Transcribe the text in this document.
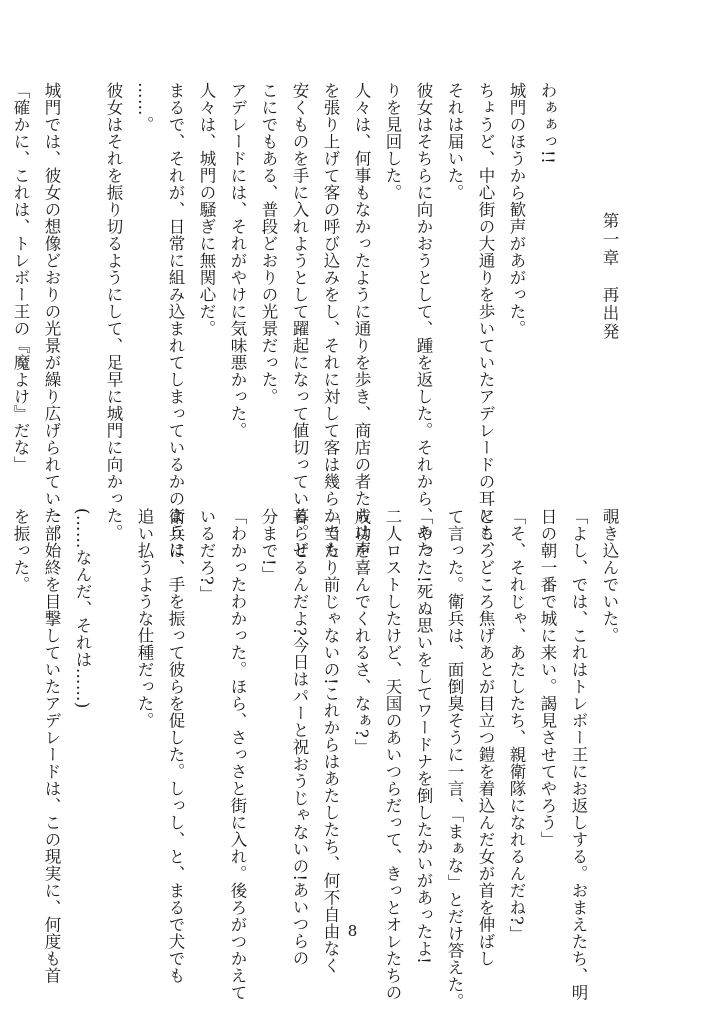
第一章　再出発
わぁぁっ!!
城門のほうから歓声があがった。
ちょうど、中心街の大通りを歩いていたアデレードの耳にも、
それは届いた。
彼女はそちらに向かおうとして、踵を返した。それから、あた
りを見回した。
人々は、何事もなかったように通りを歩き、商店の者たちは声
を張り上げて客の呼び込みをし、それに対して客は幾らかでも
安くものを手に入れようとして躍起になって値切っている。ど
こにでもある、普段どおりの光景だった。
アデレードには、それがやけに気味悪かった。
人々は、城門の騒ぎに無関心だ。
まるで、それが、日常に組み込まれてしまっているかのように
……。
彼女はそれを振り切るようにして、足早に城門に向かった。
城門では、彼女の想像どおりの光景が繰り広げられていた。
「確かに、これは、トレボー王の『魔よけ』だな」
覗き込んでいた。
「よし、では、これはトレボー王にお返しする。おまえたち、明
日の朝一番で城に来い。謁見させてやろう」
「そ、それじゃ、あたしたち、親衛隊になれるんだね?」
ところどころ焦げあとが目立つ鎧を着込んだ女が首を伸ばし
て言った。衛兵は、面倒臭そうに一言、「まぁな」とだけ答えた。
「やった!死ぬ思いをしてワードナを倒したかいがあったよ!
二人ロストしたけど、天国のあいつらだって、きっとオレたちの
成功を喜んでくれるさ、なぁ?」
「当たり前じゃないの!これからはあたしたち、何不自由なく
暮らせるんだよ?今日はパーと祝おうじゃないの!あいつらの
分まで!」
「わかったわかった。ほら、さっさと街に入れ。後ろがつかえて
いるだろ?」
衛兵は、手を振って彼らを促した。しっし、と、まるで犬でも
追い払うような仕種だった。
(……なんだ、それは……)
一部始終を目撃していたアデレードは、この現実に、何度も首
を振った。
8
